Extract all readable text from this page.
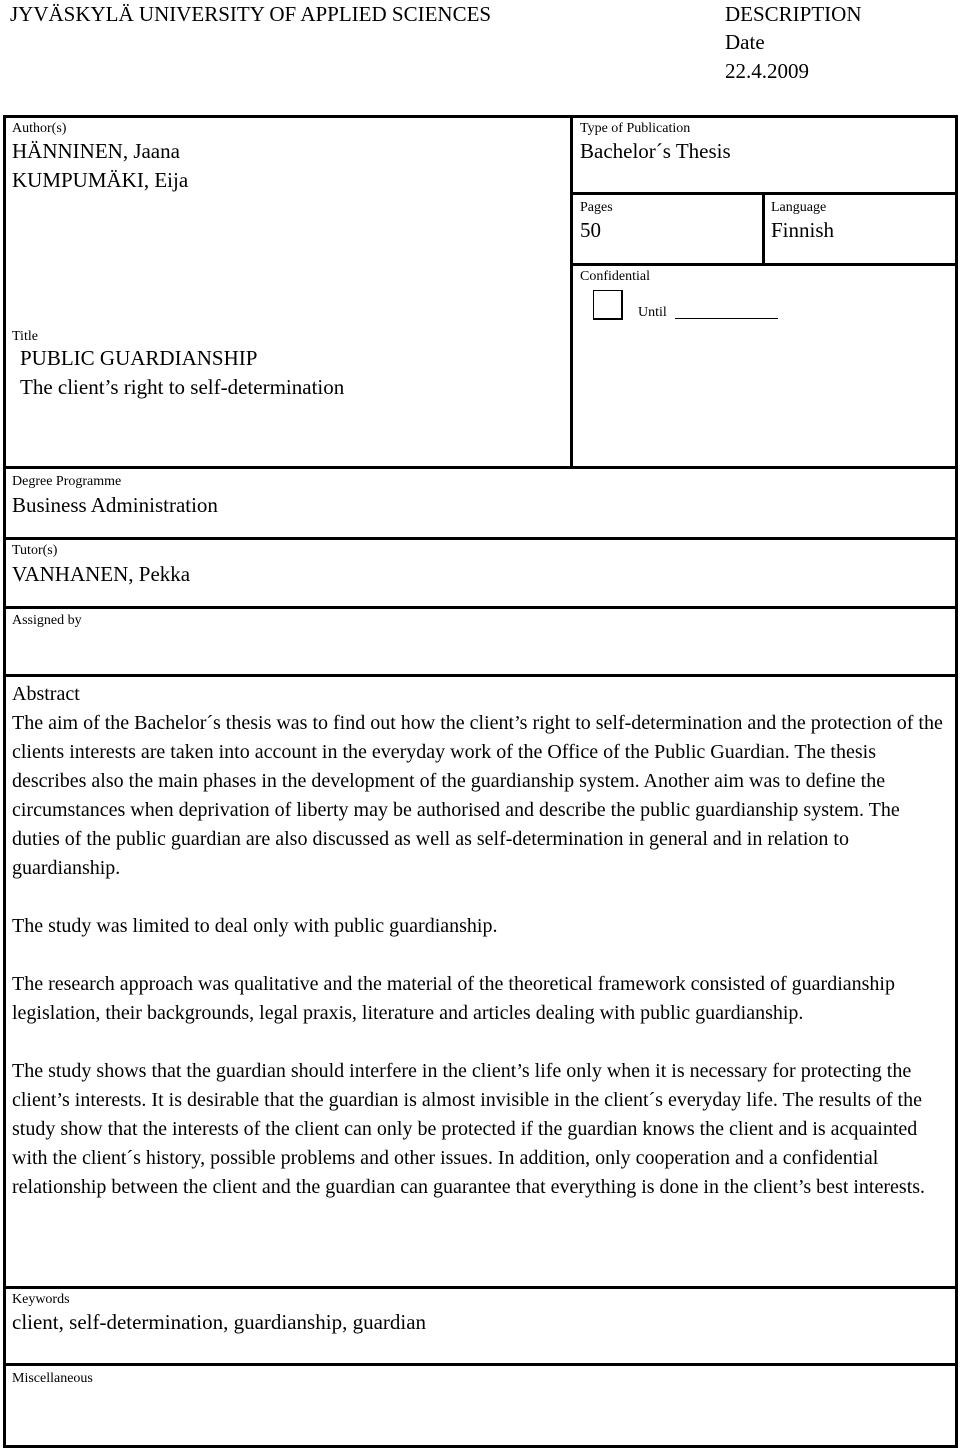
JYVÄSKYLÄ UNIVERSITY OF APPLIED SCIENCES	DESCRIPTION
Date
22.4.2009
Author(s)
HÄNNINEN, Jaana
KUMPUMÄKI, Eija
Type of Publication
Bachelor´s Thesis
Pages
50
Language
Finnish
Confidential
Until
Title
PUBLIC GUARDIANSHIP
The client’s right to self-determination
Degree Programme
Business Administration
Tutor(s)
VANHANEN, Pekka
Assigned by
Abstract

The aim of the Bachelor´s thesis was to find out how the client’s right to self-determination and the protection of the clients interests are taken into account in the everyday work of the Office of the Public Guardian. The thesis describes also the main phases in the development of the guardianship system. Another aim was to define the circumstances when deprivation of liberty may be authorised and describe the public guardianship system. The duties of the public guardian are also discussed as well as self-determination in general and in relation to guardianship.

The study was limited to deal only with public guardianship.

The research approach was qualitative and the material of the theoretical framework consisted of guardianship legislation, their backgrounds, legal praxis, literature and articles dealing with public guardianship.

The study shows that the guardian should interfere in the client’s life only when it is necessary for protecting the client’s interests. It is desirable that the guardian is almost invisible in the client´s everyday life. The results of the study show that the interests of the client can only be protected if the guardian knows the client and is acquainted with the client´s history, possible problems and other issues. In addition, only cooperation and a confidential relationship between the client and the guardian can guarantee that everything is done in the client’s best interests.

Keywords
client, self-determination, guardianship, guardian
Miscellaneous
